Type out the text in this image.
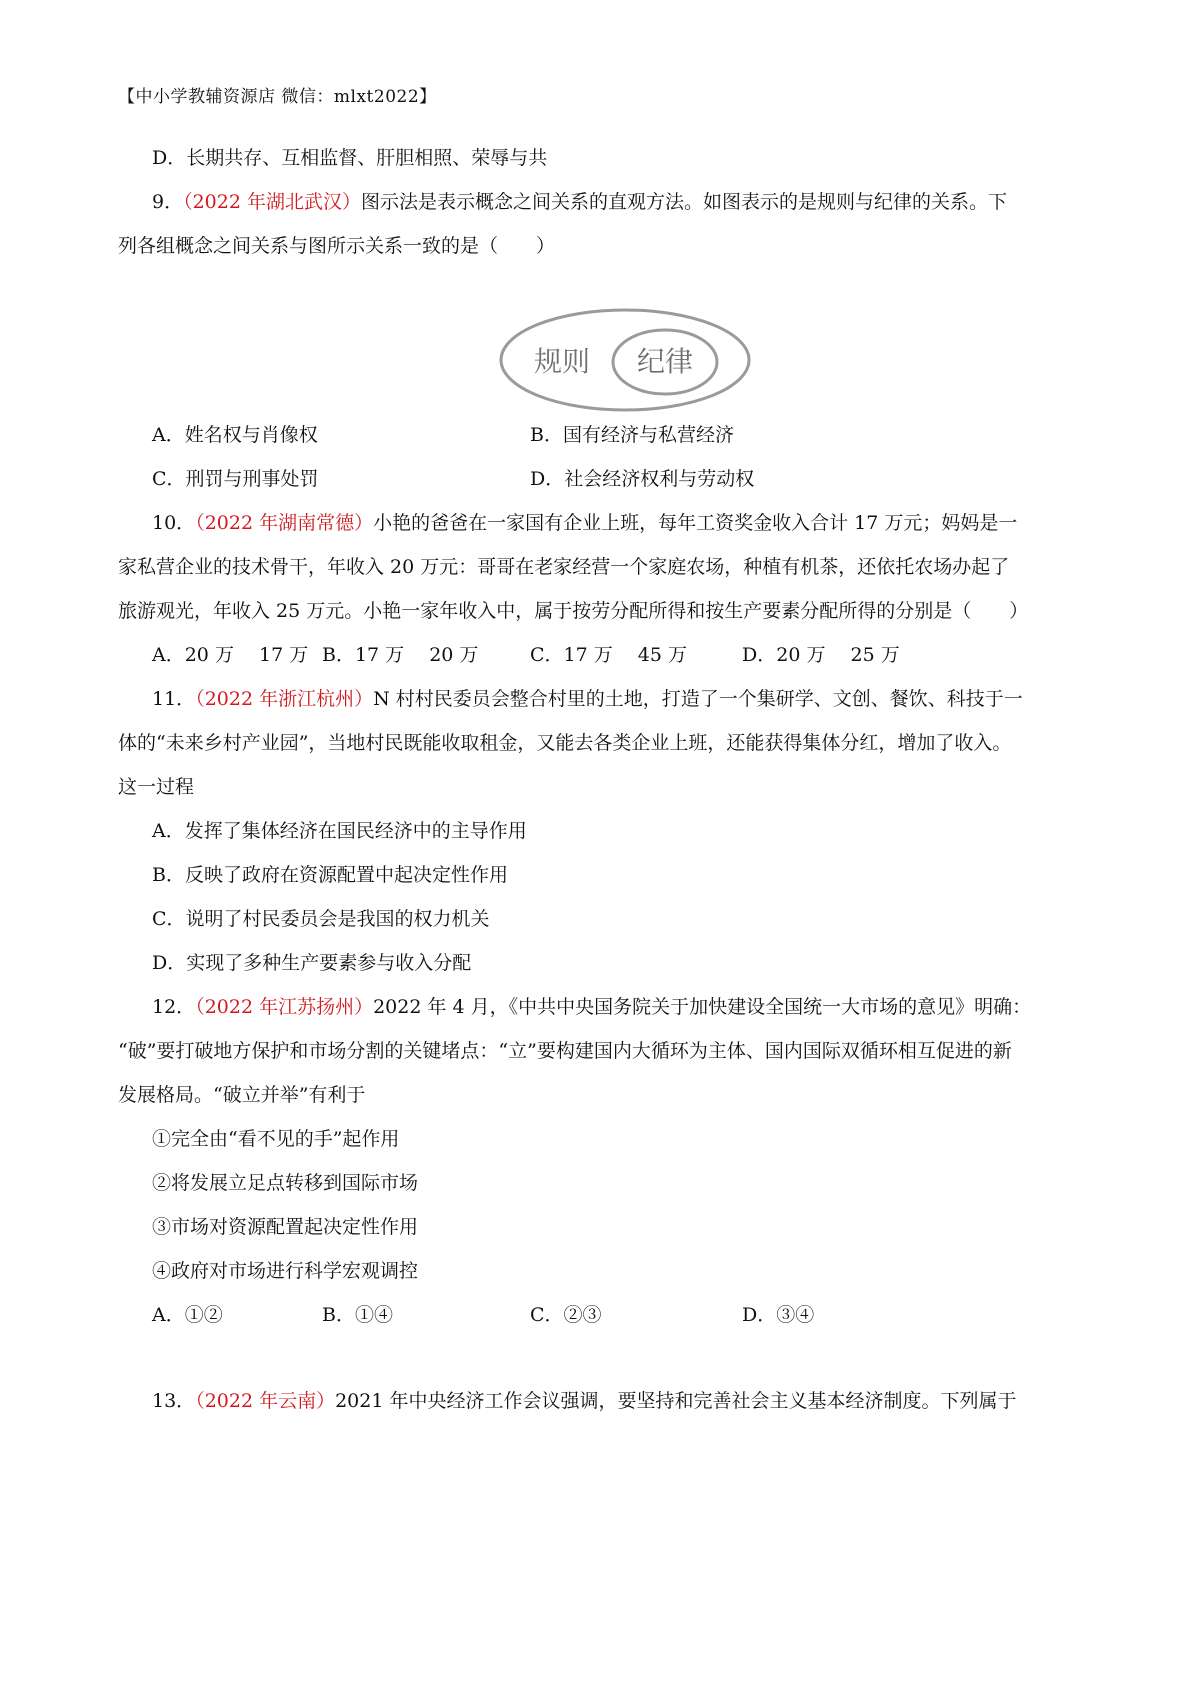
【中小学教辅资源店 微信：mlxt2022】
D．长期共存、互相监督、肝胆相照、荣辱与共
9．（2022 年湖北武汉）图示法是表示概念之间关系的直观方法。如图表示的是规则与纪律的关系。下
列各组概念之间关系与图所示关系一致的是（　　）
规则 纪律
A．姓名权与肖像权	B．国有经济与私营经济
C．刑罚与刑事处罚	D．社会经济权利与劳动权
10．（2022 年湖南常德）小艳的爸爸在一家国有企业上班，每年工资奖金收入合计 17 万元；妈妈是一
家私营企业的技术骨干，年收入 20 万元：哥哥在老家经营一个家庭农场，种植有机茶，还依托农场办起了
旅游观光，年收入 25 万元。小艳一家年收入中，属于按劳分配所得和按生产要素分配所得的分别是（　　）
A．20 万　 17 万 B．17 万　 20 万	C．17 万　 45 万	D．20 万　 25 万
11．（2022 年浙江杭州）N 村村民委员会整合村里的土地，打造了一个集研学、文创、餐饮、科技于一
体的“未来乡村产业园”，当地村民既能收取租金，又能去各类企业上班，还能获得集体分红，增加了收入。
这一过程
A．发挥了集体经济在国民经济中的主导作用
B．反映了政府在资源配置中起决定性作用
C．说明了村民委员会是我国的权力机关
D．实现了多种生产要素参与收入分配
12．（2022 年江苏扬州）2022 年 4 月，《中共中央国务院关于加快建设全国统一大市场的意见》明确：
“破”要打破地方保护和市场分割的关键堵点：“立”要构建国内大循环为主体、国内国际双循环相互促进的新
发展格局。“破立并举”有利于
①完全由“看不见的手”起作用
②将发展立足点转移到国际市场
③市场对资源配置起决定性作用
④政府对市场进行科学宏观调控
A．①②	B．①④	C．②③	D．③④
13．（2022 年云南）2021 年中央经济工作会议强调，要坚持和完善社会主义基本经济制度。下列属于
